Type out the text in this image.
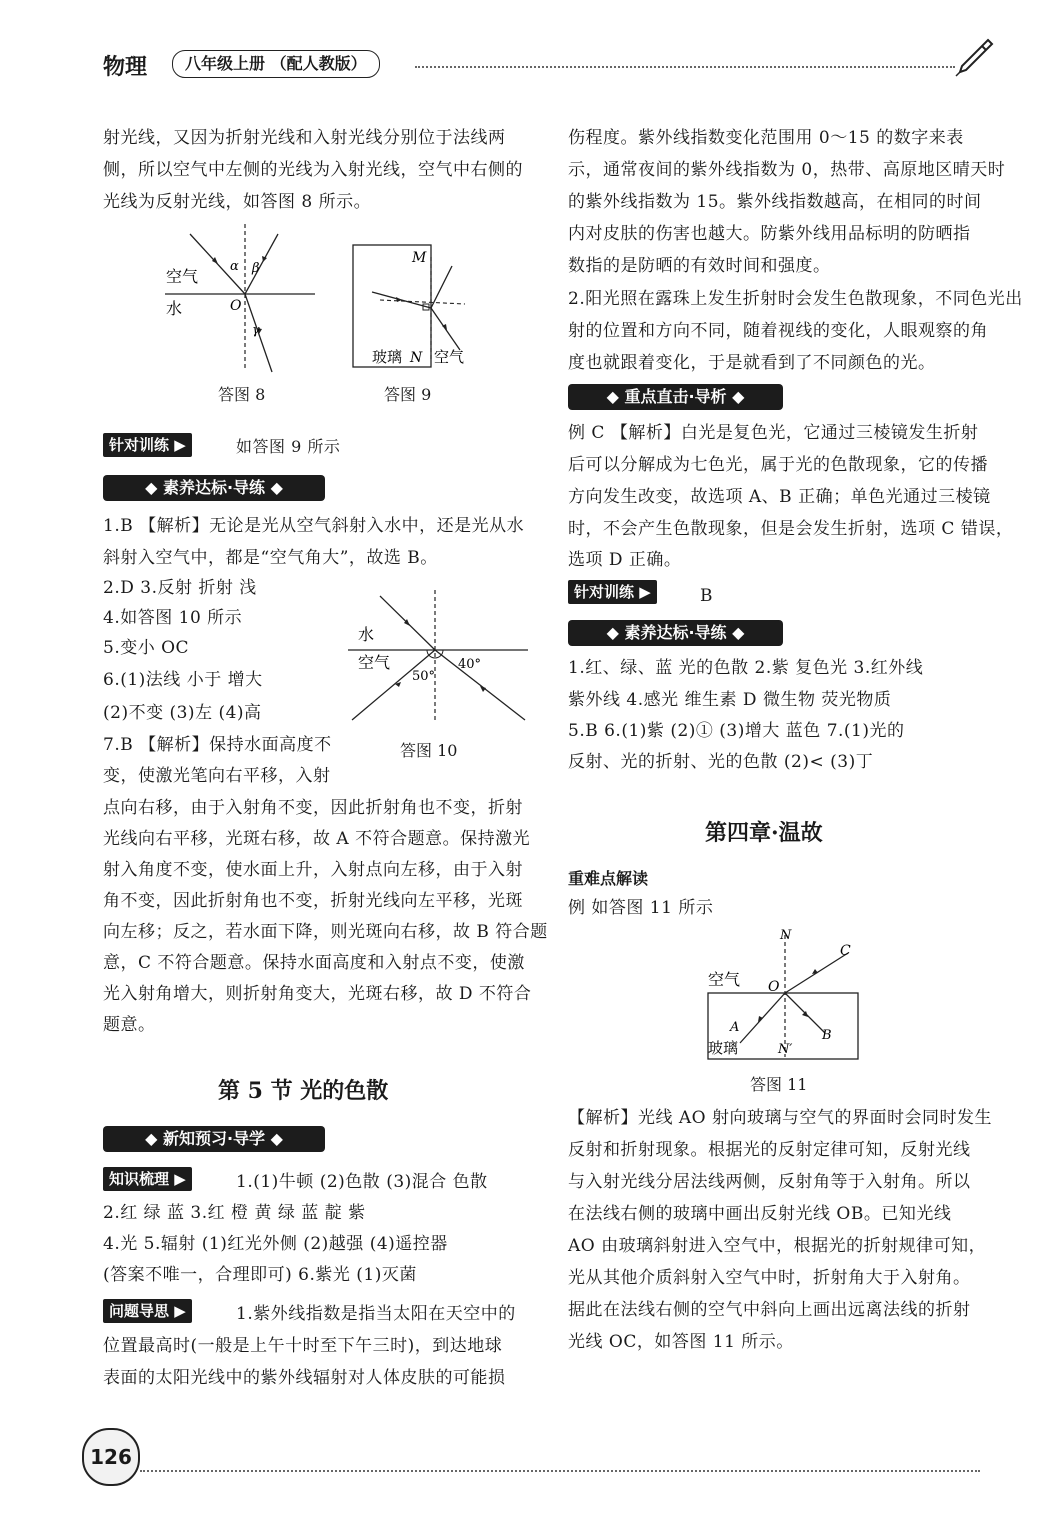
物理	八年级上册 （配人教版）
射光线，又因为折射光线和入射光线分别位于法线两
侧，所以空气中左侧的光线为入射光线，空气中右侧的
光线为反射光线，如答图 8 所示。
α β
O
γ
空气
水
答图 8
M
玻璃 N 空气
答图 9
针对训练 ▶	如答图 9 所示
◆ 素养达标·导练 ◆
1.B 【解析】无论是光从空气斜射入水中，还是光从水
斜射入空气中，都是“空气角大”，故选 B。
2.D 3.反射 折射 浅
4.如答图 10 所示
5.变小 OC
6.(1)法线 小于 增大
(2)不变 (3)左 (4)高
7.B 【解析】保持水面高度不
变，使激光笔向右平移，入射
水
空气
50°
40°
答图 10
点向右移，由于入射角不变，因此折射角也不变，折射
光线向右平移，光斑右移，故 A 不符合题意。保持激光
射入角度不变，使水面上升，入射点向左移，由于入射
角不变，因此折射角也不变，折射光线向左平移，光斑
向左移；反之，若水面下降，则光斑向右移，故 B 符合题
意，C 不符合题意。保持水面高度和入射点不变，使激
光入射角增大，则折射角变大，光斑右移，故 D 不符合
题意。
第 5 节 光的色散
◆ 新知预习·导学 ◆
知识梳理 ▶	1.(1)牛顿 (2)色散 (3)混合 色散
2.红 绿 蓝 3.红 橙 黄 绿 蓝 靛 紫
4.光 5.辐射 (1)红光外侧 (2)越强 (4)遥控器
(答案不唯一，合理即可) 6.紫光 (1)灭菌
问题导思 ▶	1.紫外线指数是指当太阳在天空中的
位置最高时(一般是上午十时至下午三时)，到达地球
表面的太阳光线中的紫外线辐射对人体皮肤的可能损
伤程度。紫外线指数变化范围用 0～15 的数字来表
示，通常夜间的紫外线指数为 0，热带、高原地区晴天时
的紫外线指数为 15。紫外线指数越高，在相同的时间
内对皮肤的伤害也越大。防紫外线用品标明的防晒指
数指的是防晒的有效时间和强度。
2.阳光照在露珠上发生折射时会发生色散现象，不同色光出
射的位置和方向不同，随着视线的变化，人眼观察的角
度也就跟着变化，于是就看到了不同颜色的光。
◆ 重点直击·导析 ◆
例 C 【解析】白光是复色光，它通过三棱镜发生折射
后可以分解成为七色光，属于光的色散现象，它的传播
方向发生改变，故选项 A、B 正确；单色光通过三棱镜
时，不会产生色散现象，但是会发生折射，选项 C 错误，
选项 D 正确。
针对训练 ▶	B
◆ 素养达标·导练 ◆
1.红、绿、蓝 光的色散 2.紫 复色光 3.红外线
紫外线 4.感光 维生素 D 微生物 荧光物质
5.B 6.(1)紫 (2)① (3)增大 蓝色 7.(1)光的
反射、光的折射、光的色散 (2)< (3)丁
第四章·温故
重难点解读
例 如答图 11 所示
N
C
空气 O
A
B
玻璃	N′
答图 11
【解析】光线 AO 射向玻璃与空气的界面时会同时发生
反射和折射现象。根据光的反射定律可知，反射光线
与入射光线分居法线两侧，反射角等于入射角。所以
在法线右侧的玻璃中画出反射光线 OB。已知光线
AO 由玻璃斜射进入空气中，根据光的折射规律可知，
光从其他介质斜射入空气中时，折射角大于入射角。
据此在法线右侧的空气中斜向上画出远离法线的折射
光线 OC，如答图 11 所示。
126
